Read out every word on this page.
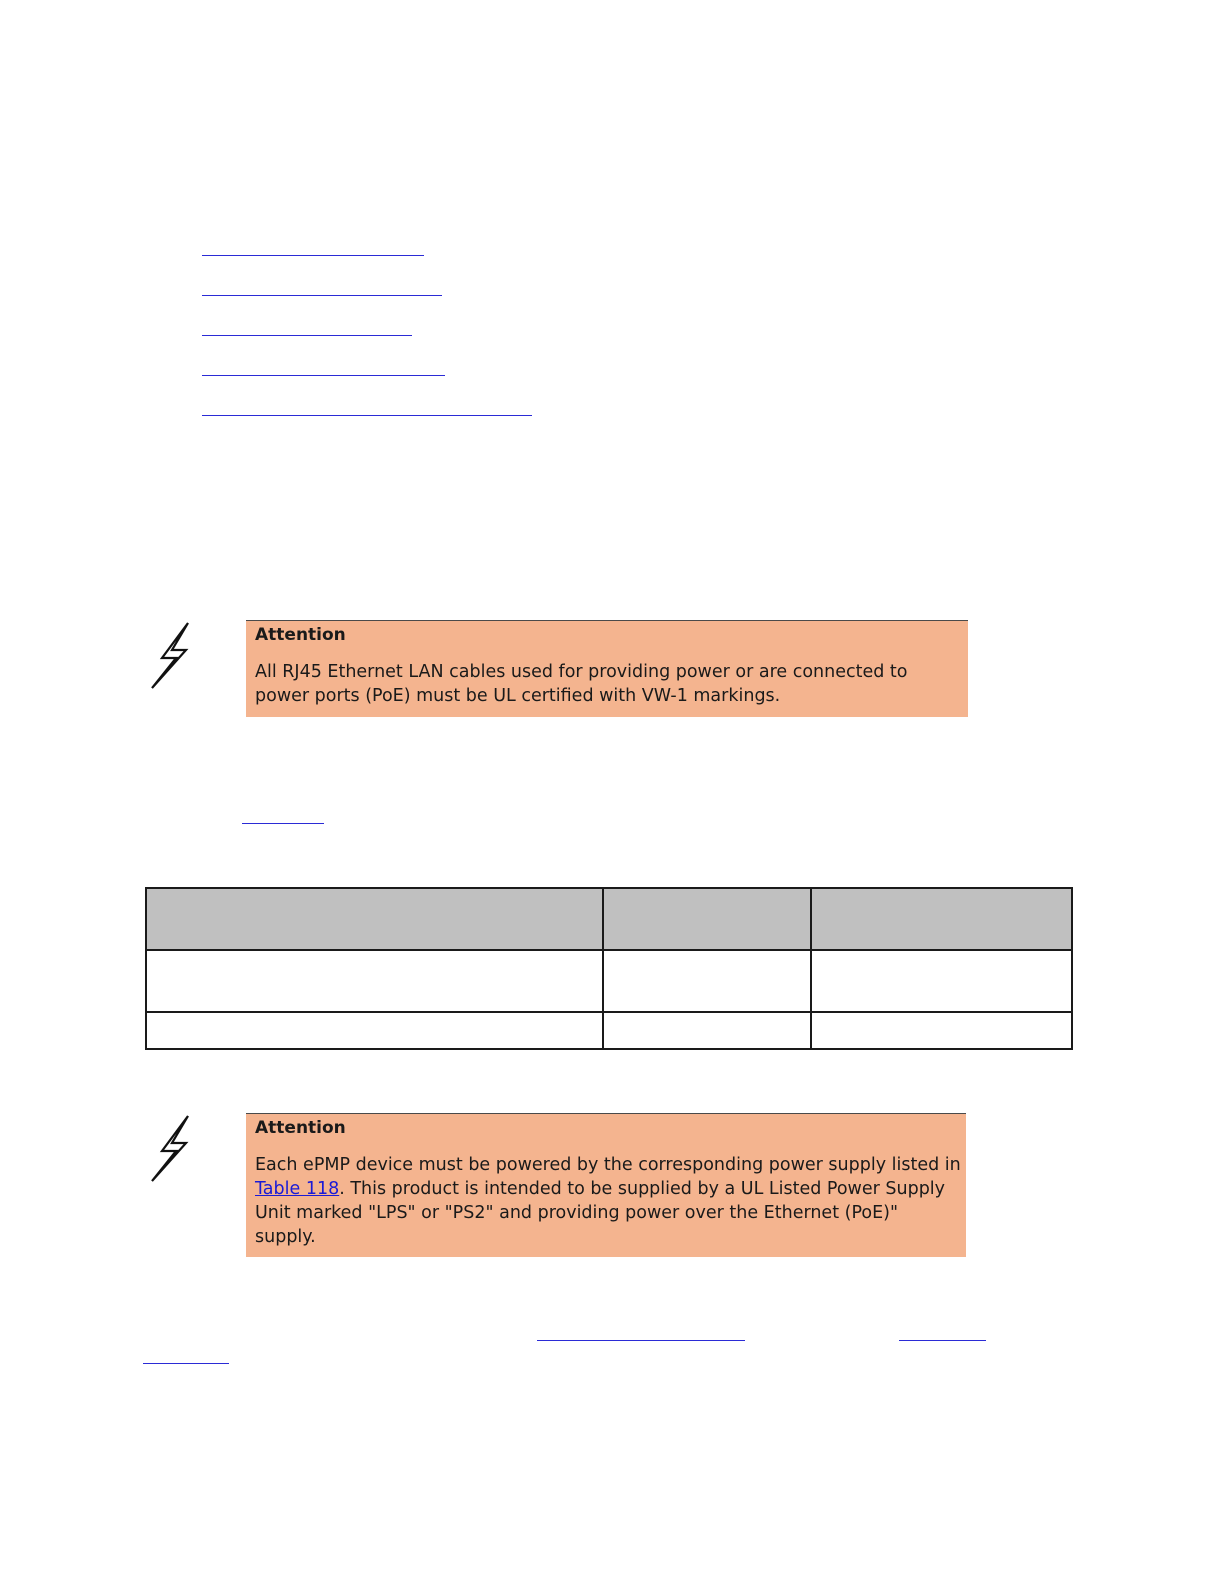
Attention
All RJ45 Ethernet LAN cables used for providing power or are connected to power ports (PoE) must be UL certified with VW-1 markings.

Attention
Each ePMP device must be powered by the corresponding power supply listed in Table 118. This product is intended to be supplied by a UL Listed Power Supply Unit marked "LPS" or "PS2" and providing power over the Ethernet (PoE)" supply.
